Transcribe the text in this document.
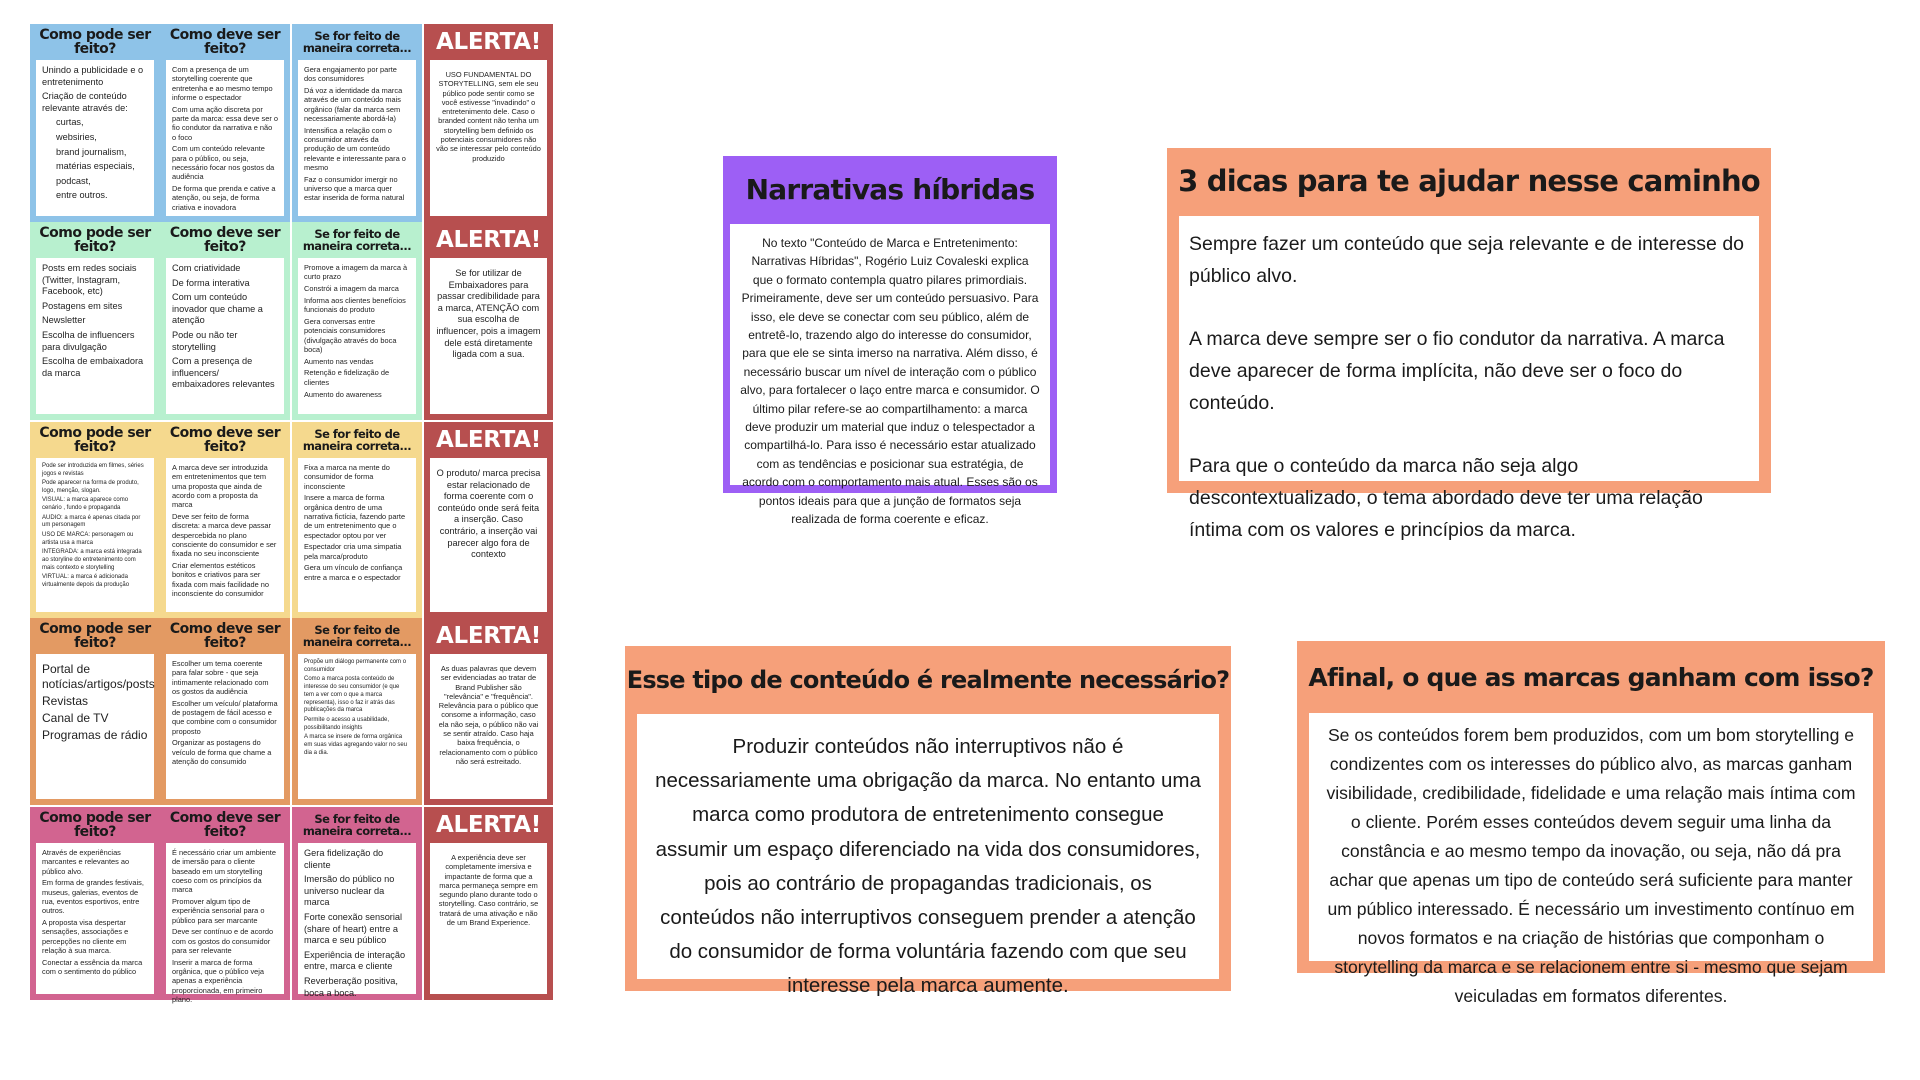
Como pode ser feito?
Unindo a publicidade e o entretenimento
Criação de conteúdo relevante através de:
curtas,
websiries,
brand journalism,
matérias especiais,
podcast,
entre outros.
Como deve ser feito?
Com a presença de um storytelling coerente que entretenha e ao mesmo tempo informe o espectador
Com uma ação discreta por parte da marca: essa deve ser o fio condutor da narrativa e não o foco
Com um conteúdo relevante para o público, ou seja, necessário focar nos gostos da audiência
De forma que prenda e cative a atenção, ou seja, de forma criativa e inovadora
Se for feito de maneira correta...
Gera engajamento por parte dos consumidores
Dá voz a identidade da marca através de um conteúdo mais orgânico (falar da marca sem necessariamente abordá-la)
Intensifica a relação com o consumidor através da produção de um conteúdo relevante e interessante para o mesmo
Faz o consumidor imergir no universo que a marca quer estar inserida de forma natural
ALERTA!
USO FUNDAMENTAL DO STORYTELLING, sem ele seu público pode sentir como se você estivesse "invadindo" o entretenimento dele. Caso o branded content não tenha um storytelling bem definido os potenciais consumidores não vão se interessar pelo conteúdo produzido
Como pode ser feito?
Posts em redes sociais (Twitter, Instagram, Facebook, etc)
Postagens em sites
Newsletter
Escolha de influencers para divulgação
Escolha de embaixadora da marca
Como deve ser feito?
Com criatividade
De forma interativa
Com um conteúdo inovador que chame a atenção
Pode ou não ter storytelling
Com a presença de influencers/ embaixadores relevantes
Se for feito de maneira correta...
Promove a imagem da marca à curto prazo
Constrói a imagem da marca
Informa aos clientes benefícios funcionais do produto
Gera conversas entre potenciais consumidores (divulgação através do boca boca)
Aumento nas vendas
Retenção e fidelização de clientes
Aumento do awareness
ALERTA!
Se for utilizar de Embaixadores para passar credibilidade para a marca, ATENÇÃO com sua escolha de influencer, pois a imagem dele está diretamente ligada com a sua.
Como pode ser feito?
Pode ser introduzida em filmes, séries jogos e revistas
Pode aparecer na forma de produto, logo, menção, slogan.
VISUAL: a marca aparece como cenário , fundo e propaganda
AUDIO: a marca é apenas citada por um personagem
USO DE MARCA: personagem ou artista usa a marca
INTEGRADA: a marca está integrada ao storyline do entretenimento com mais contexto e storytelling
VIRTUAL: a marca é adicionada virtualmente depois da produção
Como deve ser feito?
A marca deve ser introduzida em entretenimentos que tem uma proposta que ainda de acordo com a proposta da marca
Deve ser feito de forma discreta: a marca deve passar despercebida no plano consciente do consumidor e ser fixada no seu inconsciente
Criar elementos estéticos bonitos e criativos para ser fixada com mais facilidade no inconsciente do consumidor
Se for feito de maneira correta...
Fixa a marca na mente do consumidor de forma inconsciente
Insere a marca de forma orgânica dentro de uma narrativa fictícia, fazendo parte de um entretenimento que o espectador optou por ver
Espectador cria uma simpatia pela marca/produto
Gera um vínculo de confiança entre a marca e o espectador
ALERTA!
O produto/ marca precisa estar relacionado de forma coerente com o conteúdo onde será feita a inserção. Caso contrário, a inserção vai parecer algo fora de contexto
Como pode ser feito?
Portal de notícias/artigos/posts
Revistas
Canal de TV
Programas de rádio
Como deve ser feito?
Escolher um tema coerente para falar sobre - que seja intimamente relacionado com os gostos da audiência
Escolher um veículo/ plataforma de postagem de fácil acesso e que combine com o consumidor proposto
Organizar as postagens do veículo de forma que chame a atenção do consumido
Se for feito de maneira correta...
Propõe um diálogo permanente com o consumidor
Como a marca posta conteúdo de interesse do seu consumidor (e que tem a ver com o que a marca representa), isso o faz ir atrás das publicações da marca
Permite o acesso a usabilidade, possibilitando insights
A marca se insere de forma orgânica em suas vidas agregando valor no seu dia a dia.
ALERTA!
As duas palavras que devem ser evidenciadas ao tratar de Brand Publisher são "relevância" e "frequência". Relevância para o público que consome a informação, caso ela não seja, o público não vai se sentir atraído. Caso haja baixa frequência, o relacionamento com o público não será estreitado.
Como pode ser feito?
Através de experiências marcantes e relevantes ao público alvo.
Em forma de grandes festivais, museus, galerias, eventos de rua, eventos esportivos, entre outros.
A proposta visa despertar sensações, associações e percepções no cliente em relação à sua marca.
Conectar a essência da marca com o sentimento do público
Como deve ser feito?
É necessário criar um ambiente de imersão para o cliente baseado em um storytelling coeso com os princípios da marca
Promover algum tipo de experiência sensorial para o público para ser marcante
Deve ser contínuo e de acordo com os gostos do consumidor para ser relevante
Inserir a marca de forma orgânica, que o público veja apenas a experiência proporcionada, em primeiro plano.
Se for feito de maneira correta...
Gera fidelização do cliente
Imersão do público no universo nuclear da marca
Forte conexão sensorial (share of heart) entre a marca e seu público
Experiência de interação entre, marca e cliente
Reverberação positiva, boca a boca.
ALERTA!
A experiência deve ser completamente imersiva e impactante de forma que a marca permaneça sempre em segundo plano durante todo o storytelling. Caso contrário, se tratará de uma ativação e não de um Brand Experience.
Narrativas híbridas
No texto "Conteúdo de Marca e Entretenimento: Narrativas Híbridas", Rogério Luiz Covaleski explica que o formato contempla quatro pilares primordiais. Primeiramente, deve ser um conteúdo persuasivo. Para isso, ele deve se conectar com seu público, além de entretê-lo, trazendo algo do interesse do consumidor, para que ele se sinta imerso na narrativa. Além disso, é necessário buscar um nível de interação com o público alvo, para fortalecer o laço entre marca e consumidor. O último pilar refere-se ao compartilhamento: a marca deve produzir um material que induz o telespectador a compartilhá-lo. Para isso é necessário estar atualizado com as tendências e posicionar sua estratégia, de acordo com o comportamento mais atual. Esses são os pontos ideais para que a junção de formatos seja realizada de forma coerente e eficaz.
3 dicas para te ajudar nesse caminho
Sempre fazer um conteúdo que seja relevante e de interesse do público alvo.
A marca deve sempre ser o fio condutor da narrativa. A marca deve aparecer de forma implícita, não deve ser o foco do conteúdo.
Para que o conteúdo da marca não seja algo descontextualizado, o tema abordado deve ter uma relação íntima com os valores e princípios da marca.
Esse tipo de conteúdo é realmente necessário?
Produzir conteúdos não interruptivos não é necessariamente uma obrigação da marca. No entanto uma marca como produtora de entretenimento consegue assumir um espaço diferenciado na vida dos consumidores, pois ao contrário de propagandas tradicionais, os conteúdos não interruptivos conseguem prender a atenção do consumidor de forma voluntária fazendo com que seu interesse pela marca aumente.
Afinal, o que as marcas ganham com isso?
Se os conteúdos forem bem produzidos, com um bom storytelling e condizentes com os interesses do público alvo, as marcas ganham visibilidade, credibilidade, fidelidade e uma relação mais íntima com o cliente. Porém esses conteúdos devem seguir uma linha da constância e ao mesmo tempo da inovação, ou seja, não dá pra achar que apenas um tipo de conteúdo será suficiente para manter um público interessado. É necessário um investimento contínuo em novos formatos e na criação de histórias que componham o storytelling da marca e se relacionem entre si - mesmo que sejam veiculadas em formatos diferentes.
